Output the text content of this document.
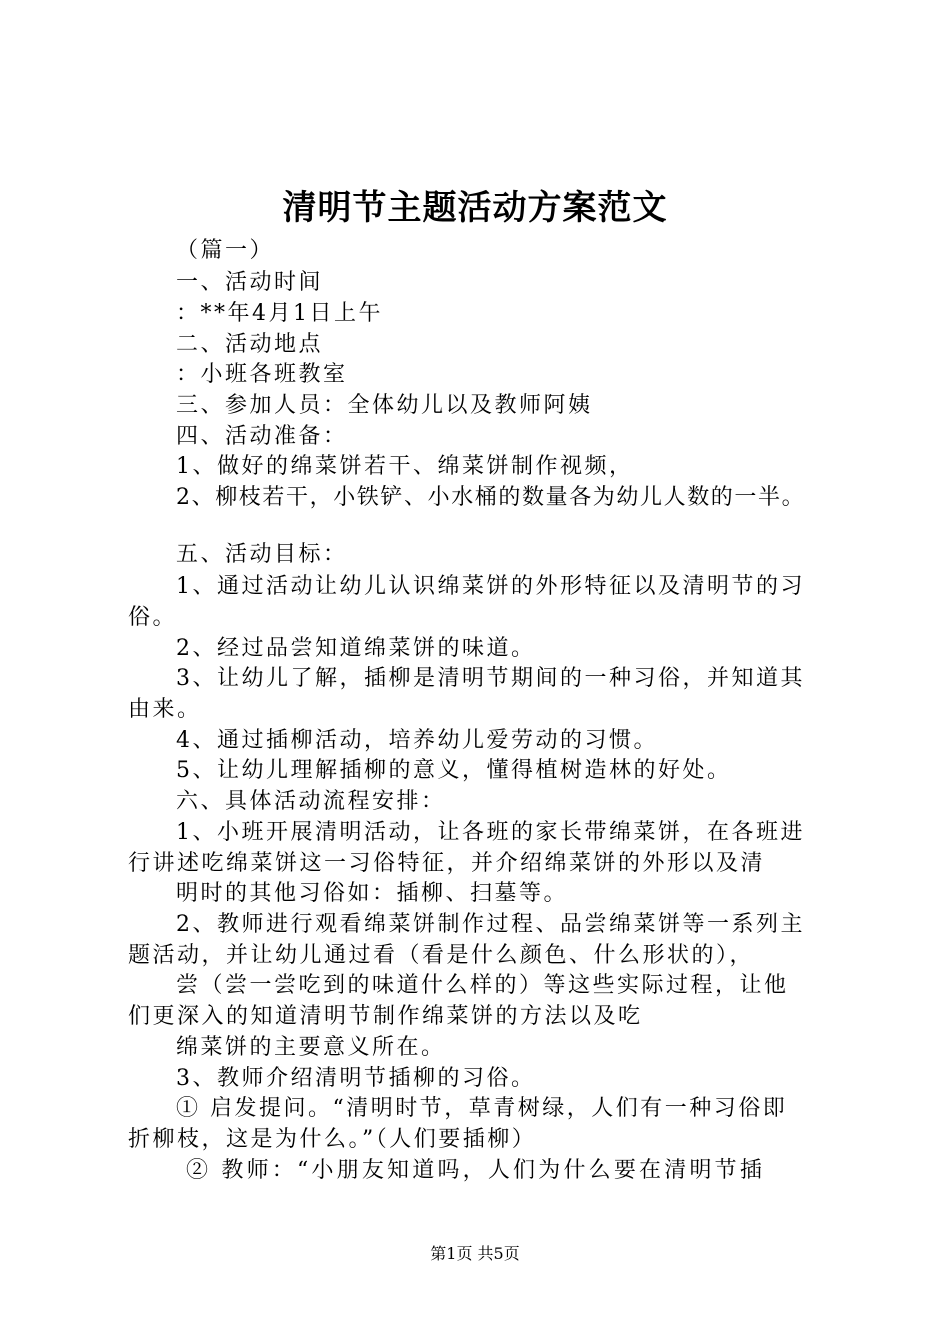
清明节主题活动方案范文
（篇一）
一、活动时间
：**年4月1日上午
二、活动地点
：小班各班教室
三、参加人员：全体幼儿以及教师阿姨
四、活动准备：
1、做好的绵菜饼若干、绵菜饼制作视频，
2、柳枝若干，小铁铲、小水桶的数量各为幼儿人数的一半。
五、活动目标：
1、通过活动让幼儿认识绵菜饼的外形特征以及清明节的习
俗。
2、经过品尝知道绵菜饼的味道。
3、让幼儿了解，插柳是清明节期间的一种习俗，并知道其
由来。
4、通过插柳活动，培养幼儿爱劳动的习惯。
5、让幼儿理解插柳的意义，懂得植树造林的好处。
六、具体活动流程安排：
1、小班开展清明活动，让各班的家长带绵菜饼，在各班进
行讲述吃绵菜饼这一习俗特征，并介绍绵菜饼的外形以及清
明时的其他习俗如：插柳、扫墓等。
2、教师进行观看绵菜饼制作过程、品尝绵菜饼等一系列主
题活动，并让幼儿通过看（看是什么颜色、什么形状的），
尝（尝一尝吃到的味道什么样的）等这些实际过程，让他
们更深入的知道清明节制作绵菜饼的方法以及吃
绵菜饼的主要意义所在。
3、教师介绍清明节插柳的习俗。
① 启发提问。“清明时节，草青树绿，人们有一种习俗即
折柳枝，这是为什么。”（人们要插柳）
② 教师：“小朋友知道吗，人们为什么要在清明节插
第1页 共5页
